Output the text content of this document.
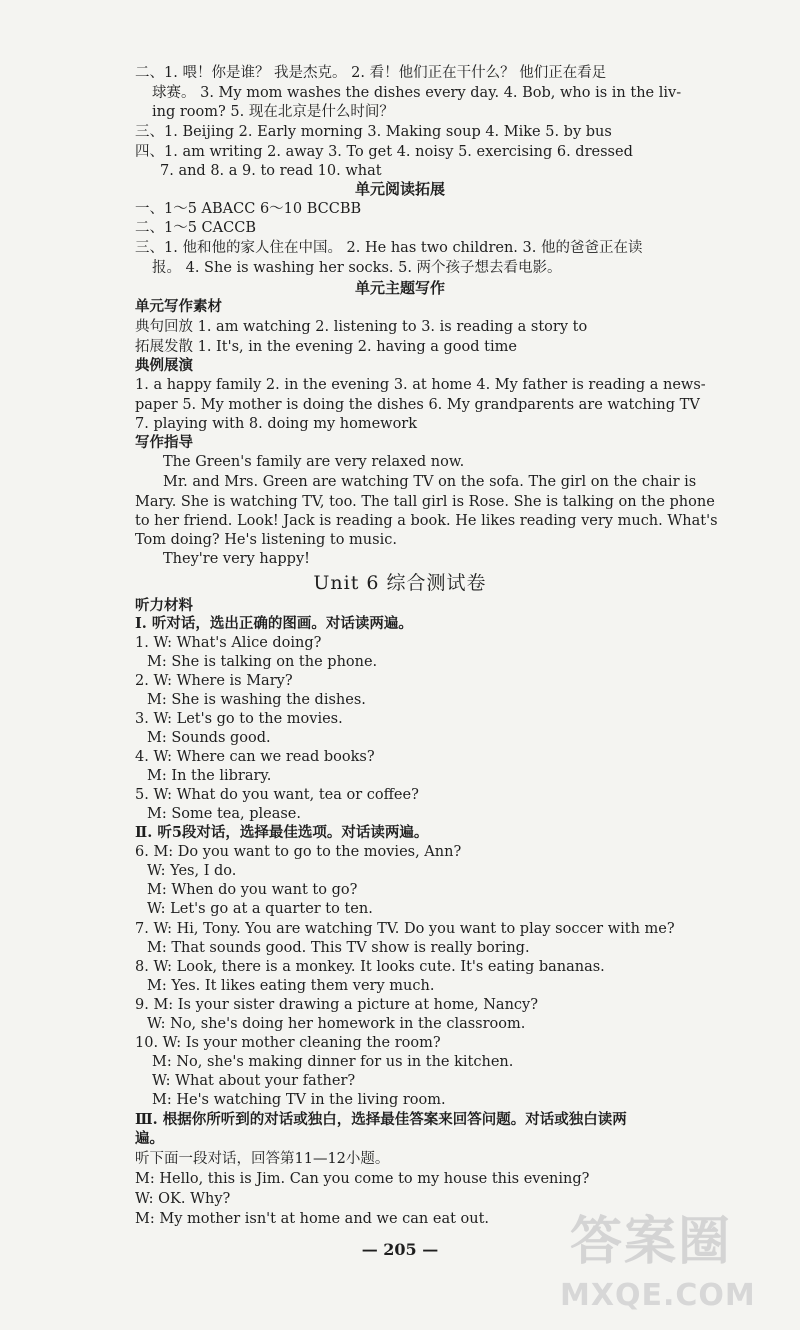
二、1. 喂！你是谁？ 我是杰克。 2. 看！他们正在干什么？ 他们正在看足
球赛。 3. My mom washes the dishes every day. 4. Bob, who is in the liv-
ing room? 5. 现在北京是什么时间？
三、1. Beijing 2. Early morning 3. Making soup 4. Mike 5. by bus
四、1. am writing 2. away 3. To get 4. noisy 5. exercising 6. dressed
7. and 8. a 9. to read 10. what
一、1～5 ABACC 6～10 BCCBB
二、1～5 CACCB
三、1. 他和他的家人住在中国。 2. He has two children. 3. 他的爸爸正在读
报。 4. She is washing her socks. 5. 两个孩子想去看电影。
单元写作素材
典句回放 1. am watching 2. listening to 3. is reading a story to
拓展发散 1. It's, in the evening 2. having a good time
典例展演
1. a happy family 2. in the evening 3. at home 4. My father is reading a news-
paper 5. My mother is doing the dishes 6. My grandparents are watching TV
7. playing with 8. doing my homework
写作指导
The Green's family are very relaxed now.
Mr. and Mrs. Green are watching TV on the sofa. The girl on the chair is
Mary. She is watching TV, too. The tall girl is Rose. She is talking on the phone
to her friend. Look! Jack is reading a book. He likes reading very much. What's
Tom doing? He's listening to music.
They're very happy!
听力材料
Ⅰ. 听对话，选出正确的图画。对话读两遍。
1. W: What's Alice doing?
M: She is talking on the phone.
2. W: Where is Mary?
M: She is washing the dishes.
3. W: Let's go to the movies.
M: Sounds good.
4. W: Where can we read books?
M: In the library.
5. W: What do you want, tea or coffee?
M: Some tea, please.
Ⅱ. 听5段对话，选择最佳选项。对话读两遍。
6. M: Do you want to go to the movies, Ann?
W: Yes, I do.
M: When do you want to go?
W: Let's go at a quarter to ten.
7. W: Hi, Tony. You are watching TV. Do you want to play soccer with me?
M: That sounds good. This TV show is really boring.
8. W: Look, there is a monkey. It looks cute. It's eating bananas.
M: Yes. It likes eating them very much.
9. M: Is your sister drawing a picture at home, Nancy?
W: No, she's doing her homework in the classroom.
10. W: Is your mother cleaning the room?
M: No, she's making dinner for us in the kitchen.
W: What about your father?
M: He's watching TV in the living room.
Ⅲ. 根据你所听到的对话或独白，选择最佳答案来回答问题。对话或独白读两
遍。
听下面一段对话，回答第11—12小题。
M: Hello, this is Jim. Can you come to my house this evening?
W: OK. Why?
M: My mother isn't at home and we can eat out.
单元阅读拓展
单元主题写作
Unit 6 综合测试卷
— 205 —	答案圈
MXQE.COM
